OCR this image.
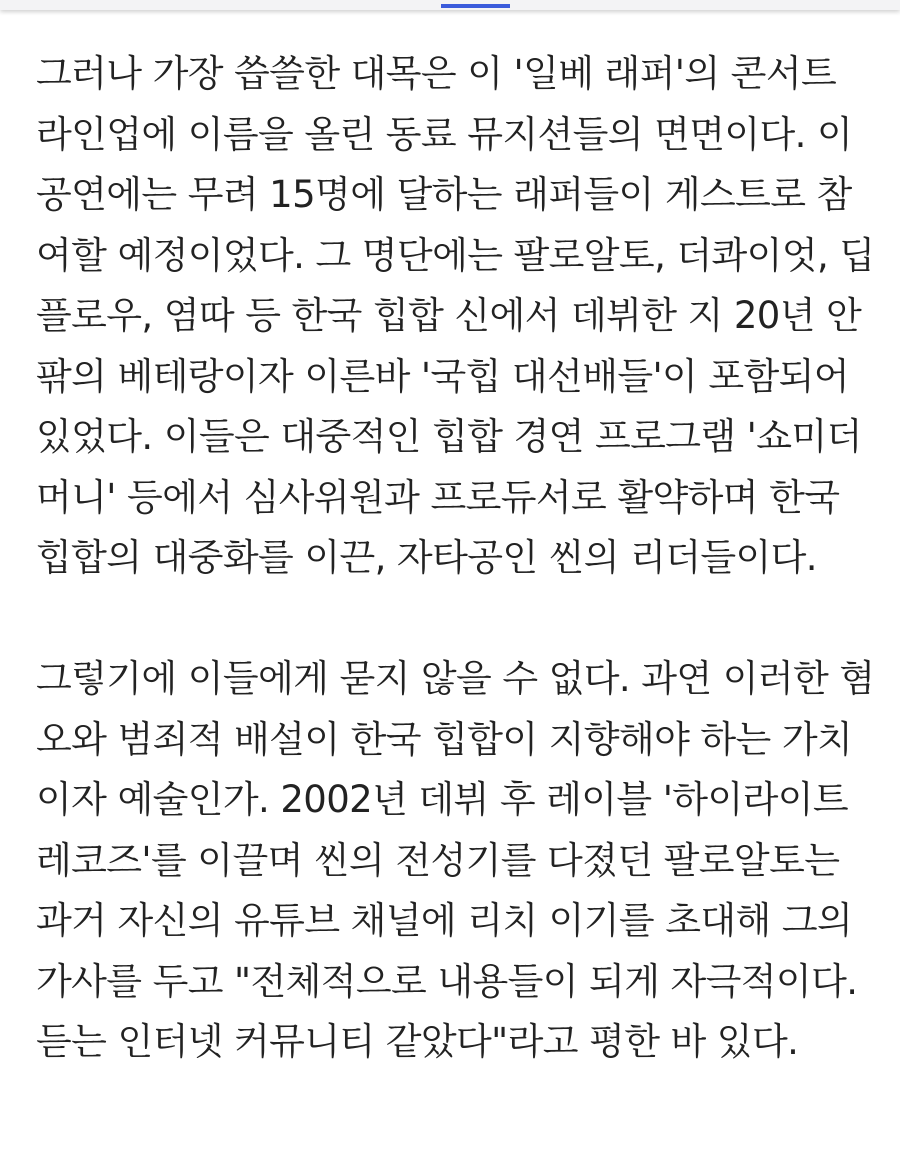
그러나 가장 씁쓸한 대목은 이 '일베 래퍼'의 콘서트
라인업에 이름을 올린 동료 뮤지션들의 면면이다. 이
공연에는 무려 15명에 달하는 래퍼들이 게스트로 참
여할 예정이었다. 그 명단에는 팔로알토, 더콰이엇, 딥
플로우, 염따 등 한국 힙합 신에서 데뷔한 지 20년 안
팎의 베테랑이자 이른바 '국힙 대선배들'이 포함되어
있었다. 이들은 대중적인 힙합 경연 프로그램 '쇼미더
머니' 등에서 심사위원과 프로듀서로 활약하며 한국
힙합의 대중화를 이끈, 자타공인 씬의 리더들이다.
그렇기에 이들에게 묻지 않을 수 없다. 과연 이러한 혐
오와 범죄적 배설이 한국 힙합이 지향해야 하는 가치
이자 예술인가. 2002년 데뷔 후 레이블 '하이라이트
레코즈'를 이끌며 씬의 전성기를 다졌던 팔로알토는
과거 자신의 유튜브 채널에 리치 이기를 초대해 그의
가사를 두고 "전체적으로 내용들이 되게 자극적이다.
듣는 인터넷 커뮤니티 같았다"라고 평한 바 있다.
